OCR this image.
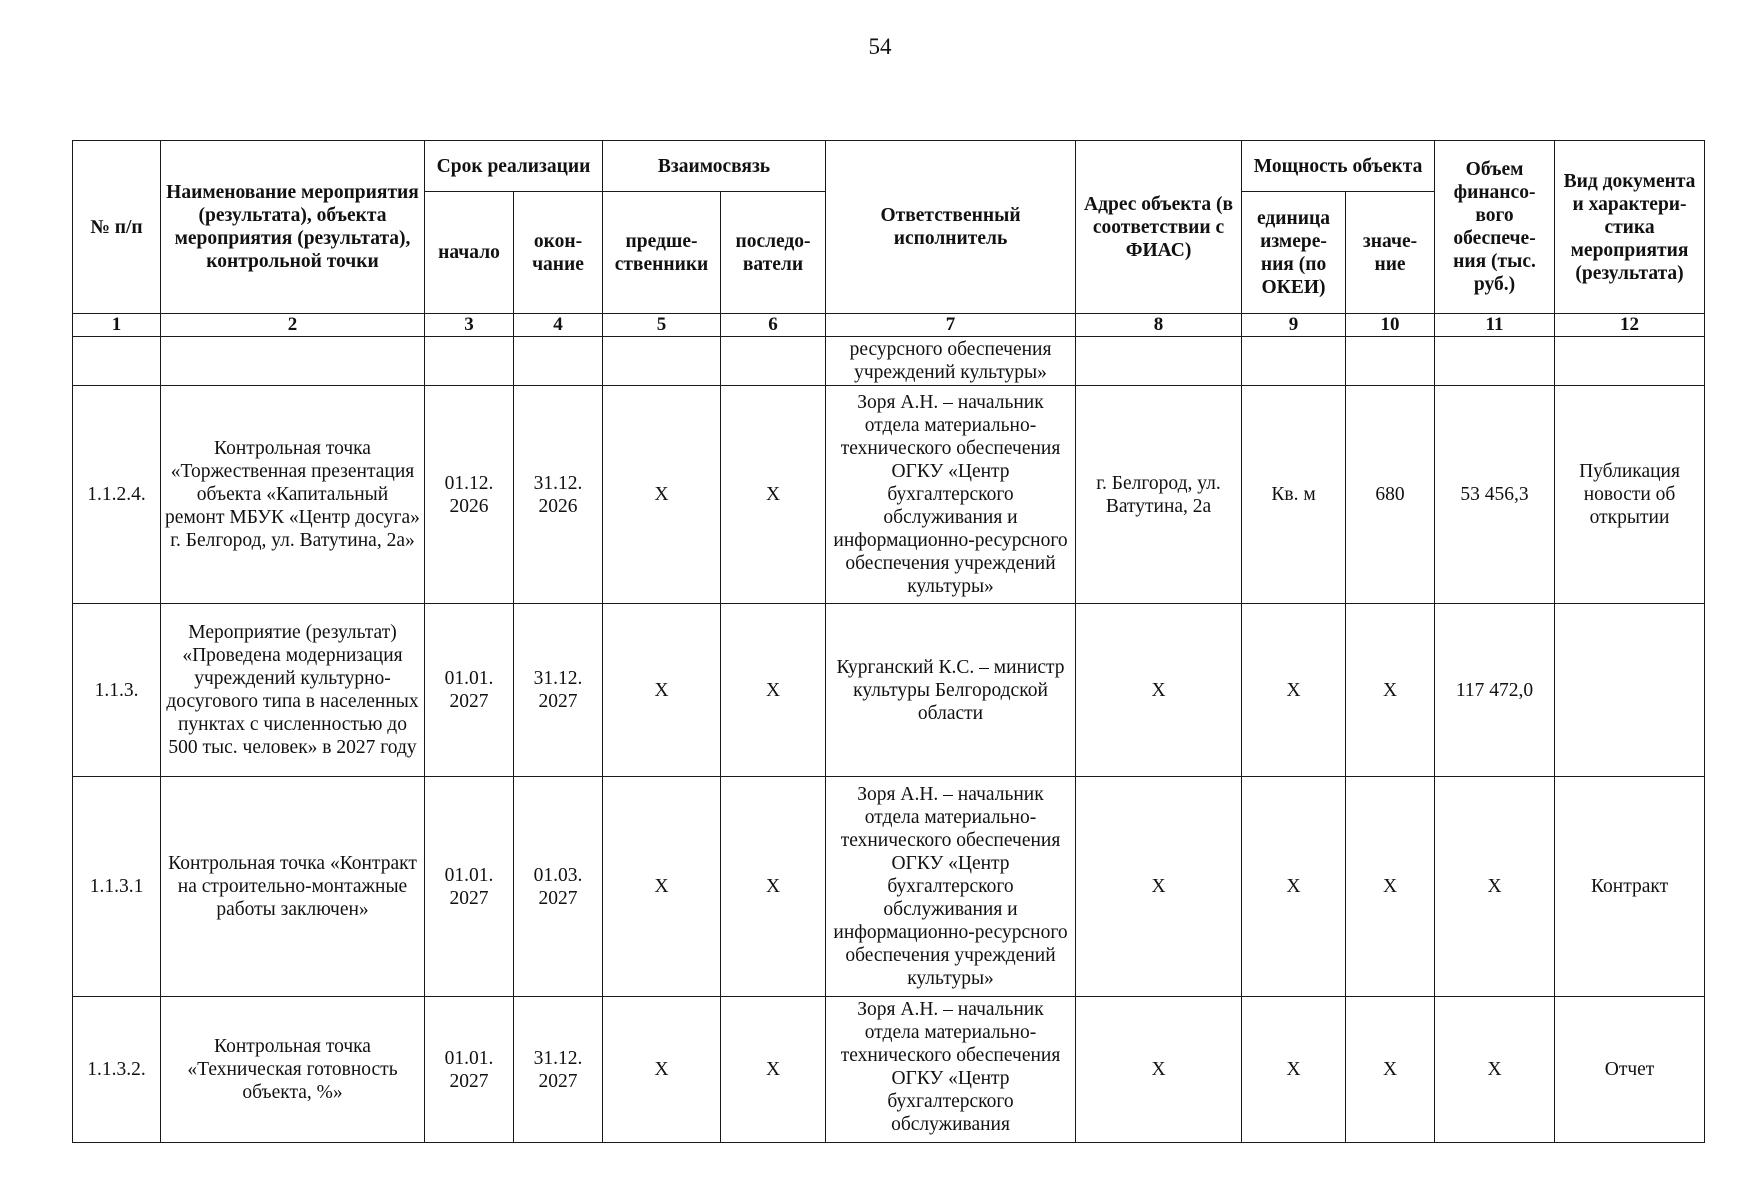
54
№ п/п	Наименование мероприятия (результата), объекта мероприятия (результата), контрольной точки	Срок реализации		Взаимосвязь		Ответственный исполнитель	Адрес объекта (в соответствии с ФИАС)	Мощность объекта		Объем финансо-вого обеспече-ния (тыс. руб.)	Вид документа и характери-стика мероприятия (результата)
		начало	окон-чание	предше-ственники	последо-ватели			единица измере-ния (по ОКЕИ)	значе-ние		
1	2	3	4	5	6	7	8	9	10	11	12
						ресурсного обеспечения учреждений культуры»					
1.1.2.4.	Контрольная точка «Торжественная презентация объекта «Капитальный ремонт МБУК «Центр досуга» г. Белгород, ул. Ватутина, 2а»	01.12. 2026	31.12. 2026	X	X	Зоря А.Н. – начальник отдела материально-технического обеспечения ОГКУ «Центр бухгалтерского обслуживания и информационно-ресурсного обеспечения учреждений культуры»	г. Белгород, ул. Ватутина, 2а	Кв. м	680	53 456,3	Публикация новости об открытии
1.1.3.	Мероприятие (результат) «Проведена модернизация учреждений культурно-досугового типа в населенных пунктах с численностью до 500 тыс. человек» в 2027 году	01.01. 2027	31.12. 2027	X	X	Курганский К.С. – министр культуры Белгородской области	X	X	X	117 472,0	
1.1.3.1	Контрольная точка «Контракт на строительно-монтажные работы заключен»	01.01. 2027	01.03. 2027	X	X	Зоря А.Н. – начальник отдела материально-технического обеспечения ОГКУ «Центр бухгалтерского обслуживания и информационно-ресурсного обеспечения учреждений культуры»	X	X	X	X	Контракт
1.1.3.2.	Контрольная точка «Техническая готовность объекта, %»	01.01. 2027	31.12. 2027	X	X	Зоря А.Н. – начальник отдела материально-технического обеспечения ОГКУ «Центр бухгалтерского обслуживания	X	X	X	X	Отчет
